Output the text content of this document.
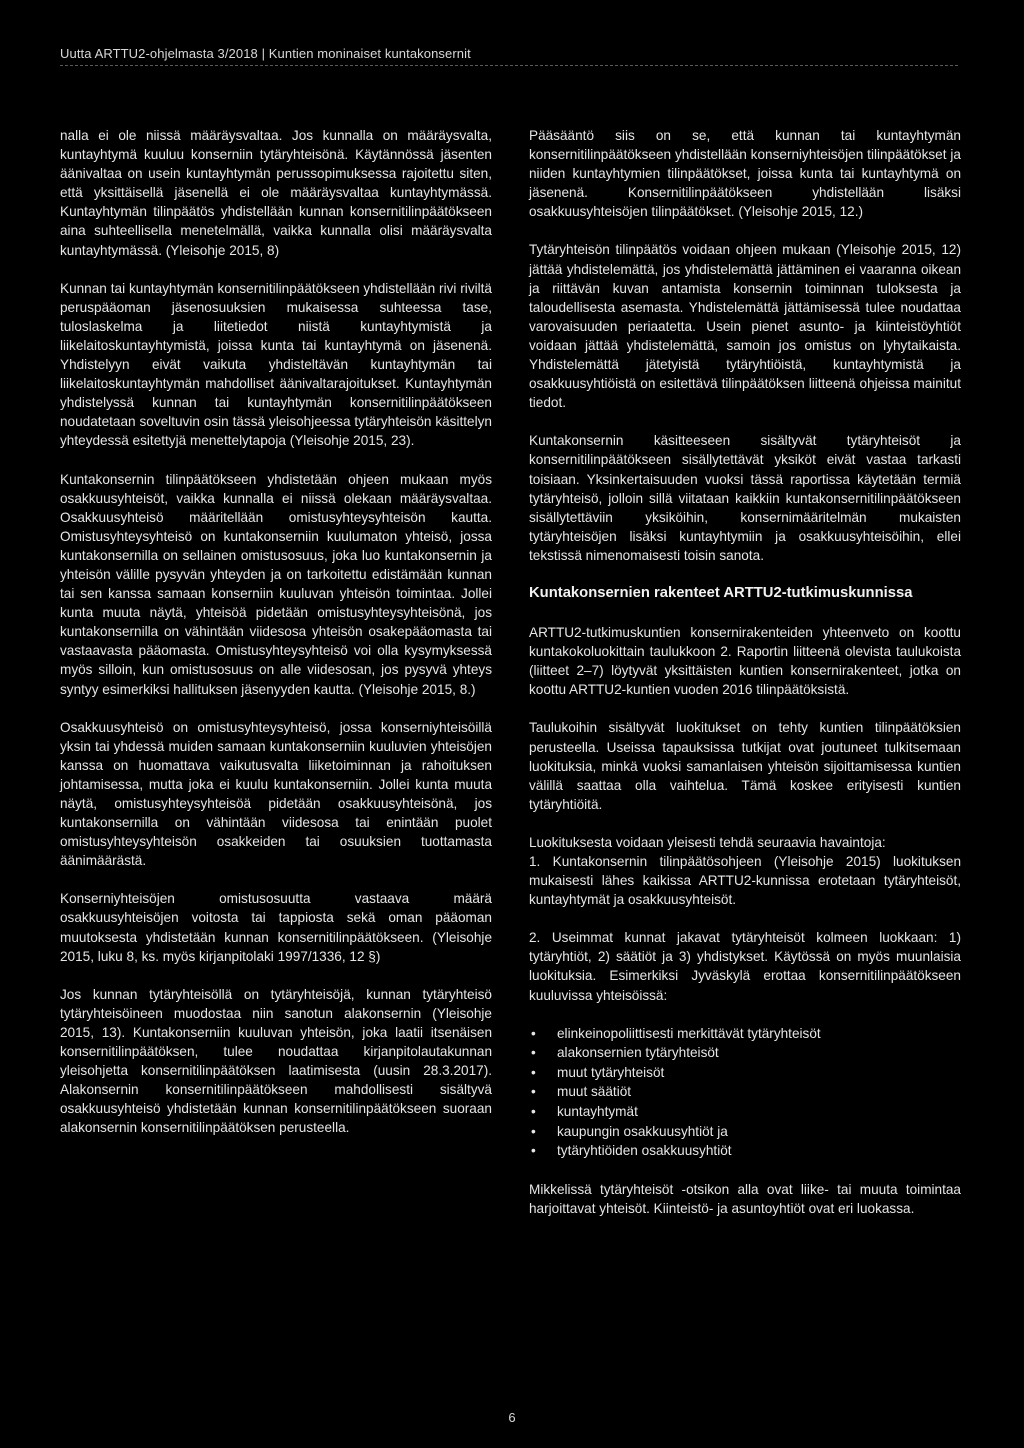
Uutta ARTTU2-ohjelmasta 3/2018 | Kuntien moninaiset kuntakonsernit

nalla ei ole niissä määräysvaltaa. Jos kunnalla on määräysvalta, kuntayhtymä kuuluu konserniin tytäryhteisönä. Käytännössä jäsenten äänivaltaa on usein kuntayhtymän perussopimuksessa rajoitettu siten, että yksittäisellä jäsenellä ei ole määräysvaltaa kuntayhtymässä. Kuntayhtymän tilinpäätös yhdistellään kunnan konsernitilinpäätökseen aina suhteellisella menetelmällä, vaikka kunnalla olisi määräysvalta kuntayhtymässä. (Yleisohje 2015, 8)

Kunnan tai kuntayhtymän konsernitilinpäätökseen yhdistellään rivi riviltä peruspääoman jäsenosuuksien mukaisessa suhteessa tase, tuloslaskelma ja liitetiedot niistä kuntayhtymistä ja liikelaitoskuntayhtymistä, joissa kunta tai kuntayhtymä on jäsenenä. Yhdistelyyn eivät vaikuta yhdisteltävän kuntayhtymän tai liikelaitoskuntayhtymän mahdolliset äänivaltarajoitukset. Kuntayhtymän yhdistelyssä kunnan tai kuntayhtymän konsernitilinpäätökseen noudatetaan soveltuvin osin tässä yleisohjeessa tytäryhteisön käsittelyn yhteydessä esitettyjä menettelytapoja (Yleisohje 2015, 23).

Kuntakonsernin tilinpäätökseen yhdistetään ohjeen mukaan myös osakkuusyhteisöt, vaikka kunnalla ei niissä olekaan määräysvaltaa. Osakkuusyhteisö määritellään omistusyhteysyhteisön kautta. Omistusyhteysyhteisö on kuntakonserniin kuulumaton yhteisö, jossa kuntakonsernilla on sellainen omistusosuus, joka luo kuntakonsernin ja yhteisön välille pysyvän yhteyden ja on tarkoitettu edistämään kunnan tai sen kanssa samaan konserniin kuuluvan yhteisön toimintaa. Jollei kunta muuta näytä, yhteisöä pidetään omistusyhteysyhteisönä, jos kuntakonsernilla on vähintään viidesosa yhteisön osakepääomasta tai vastaavasta pääomasta. Omistusyhteysyhteisö voi olla kysymyksessä myös silloin, kun omistusosuus on alle viidesosan, jos pysyvä yhteys syntyy esimerkiksi hallituksen jäsenyyden kautta. (Yleisohje 2015, 8.)

Osakkuusyhteisö on omistusyhteysyhteisö, jossa konserniyhteisöillä yksin tai yhdessä muiden samaan kuntakonserniin kuuluvien yhteisöjen kanssa on huomattava vaikutusvalta liiketoiminnan ja rahoituksen johtamisessa, mutta joka ei kuulu kuntakonserniin. Jollei kunta muuta näytä, omistusyhteysyhteisöä pidetään osakkuusyhteisönä, jos kuntakonsernilla on vähintään viidesosa tai enintään puolet omistusyhteysyhteisön osakkeiden tai osuuksien tuottamasta äänimäärästä.

Konserniyhteisöjen omistusosuutta vastaava määrä osakkuusyhteisöjen voitosta tai tappiosta sekä oman pääoman muutoksesta yhdistetään kunnan konsernitilinpäätökseen. (Yleisohje 2015, luku 8, ks. myös kirjanpitolaki 1997/1336, 12 §)

Jos kunnan tytäryhteisöllä on tytäryhteisöjä, kunnan tytäryhteisö tytäryhteisöineen muodostaa niin sanotun alakonsernin (Yleisohje 2015, 13). Kuntakonserniin kuuluvan yhteisön, joka laatii itsenäisen konsernitilinpäätöksen, tulee noudattaa kirjanpitolautakunnan yleisohjetta konsernitilinpäätöksen laatimisesta (uusin 28.3.2017). Alakonsernin konsernitilinpäätökseen mahdollisesti sisältyvä osakkuusyhteisö yhdistetään kunnan konsernitilinpäätökseen suoraan alakonsernin konsernitilinpäätöksen perusteella.

Pääsääntö siis on se, että kunnan tai kuntayhtymän konsernitilinpäätökseen yhdistellään konserniyhteisöjen tilinpäätökset ja niiden kuntayhtymien tilinpäätökset, joissa kunta tai kuntayhtymä on jäsenenä. Konsernitilinpäätökseen yhdistellään lisäksi osakkuusyhteisöjen tilinpäätökset. (Yleisohje 2015, 12.)

Tytäryhteisön tilinpäätös voidaan ohjeen mukaan (Yleisohje 2015, 12) jättää yhdistelemättä, jos yhdistelemättä jättäminen ei vaaranna oikean ja riittävän kuvan antamista konsernin toiminnan tuloksesta ja taloudellisesta asemasta. Yhdistelemättä jättämisessä tulee noudattaa varovaisuuden periaatetta. Usein pienet asunto- ja kiinteistöyhtiöt voidaan jättää yhdistelemättä, samoin jos omistus on lyhytaikaista. Yhdistelemättä jätetyistä tytäryhtiöistä, kuntayhtymistä ja osakkuusyhtiöistä on esitettävä tilinpäätöksen liitteenä ohjeissa mainitut tiedot.

Kuntakonsernin käsitteeseen sisältyvät tytäryhteisöt ja konsernitilinpäätökseen sisällytettävät yksiköt eivät vastaa tarkasti toisiaan. Yksinkertaisuuden vuoksi tässä raportissa käytetään termiä tytäryhteisö, jolloin sillä viitataan kaikkiin kuntakonsernitilinpäätökseen sisällytettäviin yksiköihin, konsernimääritelmän mukaisten tytäryhteisöjen lisäksi kuntayhtymiin ja osakkuusyhteisöihin, ellei tekstissä nimenomaisesti toisin sanota.

Kuntakonsernien rakenteet ARTTU2-tutkimuskunnissa

ARTTU2-tutkimuskuntien konsernirakenteiden yhteenveto on koottu kuntakokoluokittain taulukkoon 2. Raportin liitteenä olevista taulukoista (liitteet 2–7) löytyvät yksittäisten kuntien konsernirakenteet, jotka on koottu ARTTU2-kuntien vuoden 2016 tilinpäätöksistä.

Taulukoihin sisältyvät luokitukset on tehty kuntien tilinpäätöksien perusteella. Useissa tapauksissa tutkijat ovat joutuneet tulkitsemaan luokituksia, minkä vuoksi samanlaisen yhteisön sijoittamisessa kuntien välillä saattaa olla vaihtelua. Tämä koskee erityisesti kuntien tytäryhtiöitä.

Luokituksesta voidaan yleisesti tehdä seuraavia havaintoja:
1. Kuntakonsernin tilinpäätösohjeen (Yleisohje 2015) luokituksen mukaisesti lähes kaikissa ARTTU2-kunnissa erotetaan tytäryhteisöt, kuntayhtymät ja osakkuusyhteisöt.
2. Useimmat kunnat jakavat tytäryhteisöt kolmeen luokkaan: 1) tytäryhtiöt, 2) säätiöt ja 3) yhdistykset. Käytössä on myös muunlaisia luokituksia. Esimerkiksi Jyväskylä erottaa konsernitilinpäätökseen kuuluvissa yhteisöissä:
• elinkeinopoliittisesti merkittävät tytäryhteisöt
• alakonsernien tytäryhteisöt
• muut tytäryhteisöt
• muut säätiöt
• kuntayhtymät
• kaupungin osakkuusyhtiöt ja
• tytäryhtiöiden osakkuusyhtiöt

Mikkelissä tytäryhteisöt -otsikon alla ovat liike- tai muuta toimintaa harjoittavat yhteisöt. Kiinteistö- ja asuntoyhtiöt ovat eri luokassa.

6
